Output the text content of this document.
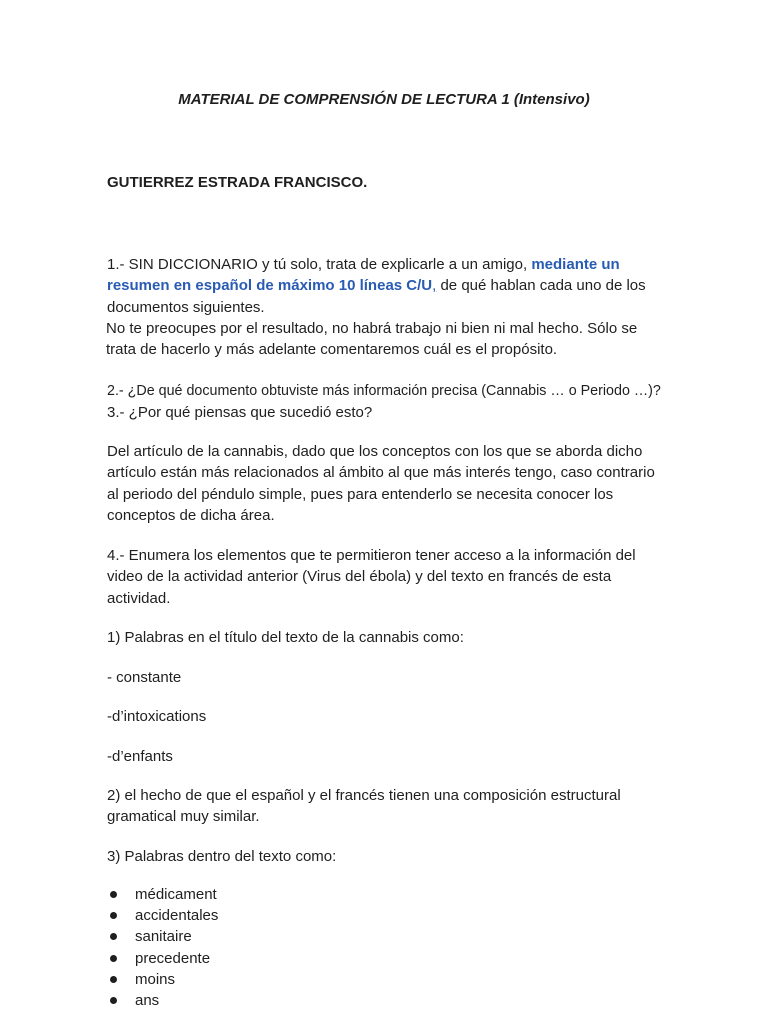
MATERIAL DE COMPRENSIÓN DE LECTURA 1 (Intensivo)
GUTIERREZ ESTRADA FRANCISCO.
1.- SIN DICCIONARIO y tú solo, trata de explicarle a un amigo, mediante un resumen en español de máximo 10 líneas C/U, de qué hablan cada uno de los documentos siguientes.
No te preocupes por el resultado, no habrá trabajo ni bien ni mal hecho. Sólo se trata de hacerlo y más adelante comentaremos cuál es el propósito.
2.- ¿De qué documento obtuviste más información precisa (Cannabis … o Periodo …)? 3.- ¿Por qué piensas que sucedió esto?
Del artículo de la cannabis, dado que los conceptos con los que se aborda dicho artículo están más relacionados al ámbito al que más interés tengo, caso contrario al periodo del péndulo simple, pues para entenderlo se necesita conocer los conceptos de dicha área.
4.- Enumera los elementos que te permitieron tener acceso a la información del video de la actividad anterior (Virus del ébola) y del texto en francés de esta actividad.
1) Palabras en el título del texto de la cannabis como:
- constante
-d’intoxications
-d’enfants
2) el hecho de que el español y el francés tienen una composición estructural gramatical muy similar.
3) Palabras dentro del texto como:
médicament
accidentales
sanitaire
precedente
moins
ans
